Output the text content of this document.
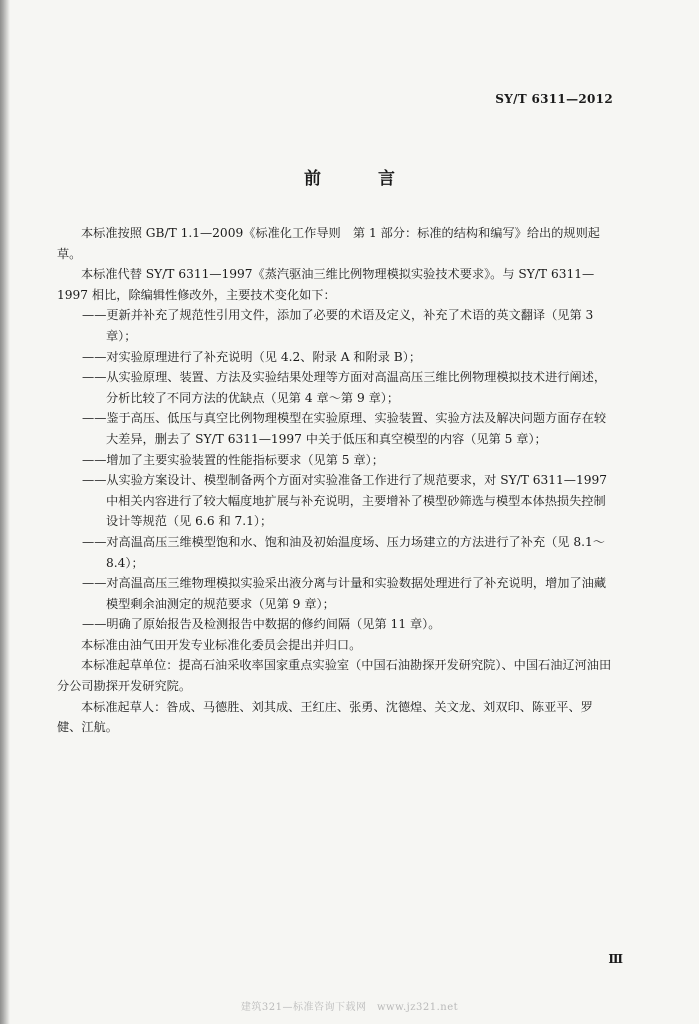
SY/T 6311—2012
前　言

本标准按照 GB/T 1.1—2009《标准化工作导则　第 1 部分：标准的结构和编写》给出的规则起草。

本标准代替 SY/T 6311—1997《蒸汽驱油三维比例物理模拟实验技术要求》。与 SY/T 6311—1997 相比，除编辑性修改外，主要技术变化如下：

——更新并补充了规范性引用文件，添加了必要的术语及定义，补充了术语的英文翻译（见第 3 章）；

——对实验原理进行了补充说明（见 4.2、附录 A 和附录 B）；

——从实验原理、装置、方法及实验结果处理等方面对高温高压三维比例物理模拟技术进行阐述，分析比较了不同方法的优缺点（见第 4 章～第 9 章）；

——鉴于高压、低压与真空比例物理模型在实验原理、实验装置、实验方法及解决问题方面存在较大差异，删去了 SY/T 6311—1997 中关于低压和真空模型的内容（见第 5 章）；

——增加了主要实验装置的性能指标要求（见第 5 章）；

——从实验方案设计、模型制备两个方面对实验准备工作进行了规范要求，对 SY/T 6311—1997 中相关内容进行了较大幅度地扩展与补充说明，主要增补了模型砂筛选与模型本体热损失控制设计等规范（见 6.6 和 7.1）；

——对高温高压三维模型饱和水、饱和油及初始温度场、压力场建立的方法进行了补充（见 8.1～8.4）；

——对高温高压三维物理模拟实验采出液分离与计量和实验数据处理进行了补充说明，增加了油藏模型剩余油测定的规范要求（见第 9 章）；

——明确了原始报告及检测报告中数据的修约间隔（见第 11 章）。

本标准由油气田开发专业标准化委员会提出并归口。

本标准起草单位：提高石油采收率国家重点实验室（中国石油勘探开发研究院）、中国石油辽河油田分公司勘探开发研究院。

本标准起草人：昝成、马德胜、刘其成、王红庄、张勇、沈德煌、关文龙、刘双印、陈亚平、罗健、江航。

Ⅲ
建筑321—标准咨询下载网　www.jz321.net
